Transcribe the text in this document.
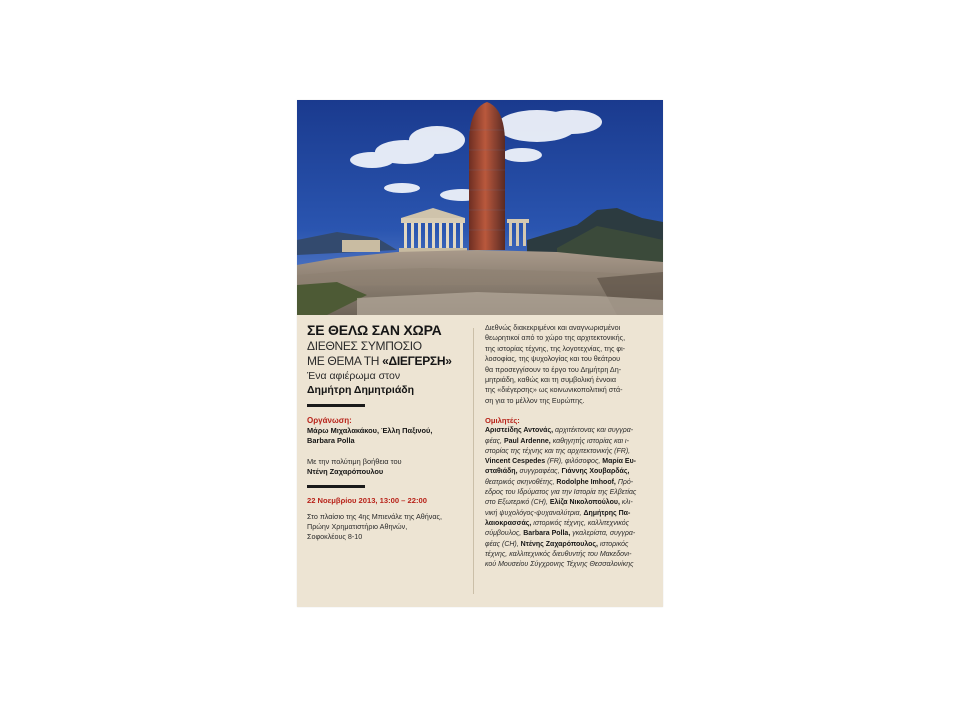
ΣΕ ΘΕΛΩ ΣΑΝ ΧΩΡΑ
ΔΙΕΘΝΕΣ ΣΥΜΠΟΣΙΟ
ΜΕ ΘΕΜΑ ΤΗ «ΔΙΕΓΕΡΣΗ»
Ένα αφιέρωμα στον
Δημήτρη Δημητριάδη
Οργάνωση:
Μάρω Μιχαλακάκου, Έλλη Παξινού,
Barbara Polla
Με την πολύτιμη βοήθεια του
Ντένη Ζαχαρόπουλου
22 Νοεμβρίου 2013, 13:00 – 22:00
Στο πλαίσιο της 4ης Μπιενάλε της Αθήνας,
Πρώην Χρηματιστήριο Αθηνών,
Σοφοκλέους 8-10
Διεθνώς διακεκριμένοι και αναγνωρισμένοι
θεωρητικοί από το χώρο της αρχιτεκτονικής,
της ιστορίας τέχνης, της λογοτεχνίας, της φι-
λοσοφίας, της ψυχολογίας και του θεάτρου
θα προσεγγίσουν το έργο του Δημήτρη Δη-
μητριάδη, καθώς και τη συμβολική έννοια
της «διέγερσης» ως κοινωνικοπολιτική στά-
ση για το μέλλον της Ευρώπης.
Ομιλητές:
Αριστείδης Αντονάς, αρχιτέκτονας και συγγρα-
φέας, Paul Ardenne, καθηγητής ιστορίας και ι-
στορίας της τέχνης και της αρχιτεκτονικής (FR),
Vincent Cespedes (FR), φιλόσοφος, Μαρία Ευ-
σταθιάδη, συγγραφέας, Γιάννης Χουβαρδάς,
θεατρικός σκηνοθέτης, Rodolphe Imhoof, Πρό-
εδρος του Ιδρύματος για την Ιστορία της Ελβετίας
στο Εξωτερικό (CH), Ελίζα Νικολοπούλου, κλι-
νική ψυχολόγος-ψυχαναλύτρια, Δημήτρης Πα-
λαιοκρασσάς, ιστορικός τέχνης, καλλιτεχνικός
σύμβουλος, Barbara Polla, γκαλερίστα, συγγρα-
φέας (CH), Ντένης Ζαχαρόπουλος, ιστορικός
τέχνης, καλλιτεχνικός διευθυντής του Μακεδονι-
κού Μουσείου Σύγχρονης Τέχνης Θεσσαλονίκης
